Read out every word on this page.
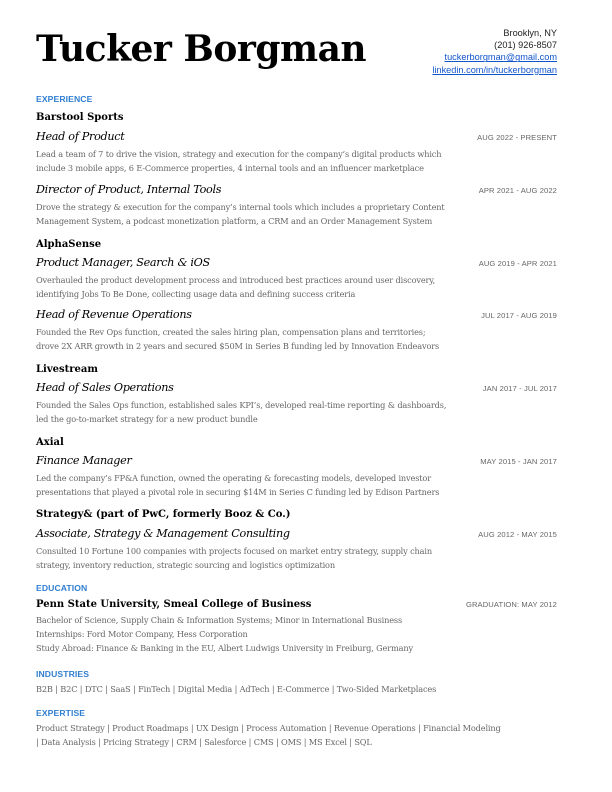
Tucker Borgman	Brooklyn, NY
(201) 926-8507
tuckerborgman@gmail.com
linkedin.com/in/tuckerborgman
EXPERIENCE
Barstool Sports
Head of Product	AUG 2022 - PRESENT
Lead a team of 7 to drive the vision, strategy and execution for the company’s digital products which
include 3 mobile apps, 6 E-Commerce properties, 4 internal tools and an influencer marketplace
Director of Product, Internal Tools	APR 2021 - AUG 2022
Drove the strategy & execution for the company’s internal tools which includes a proprietary Content
Management System, a podcast monetization platform, a CRM and an Order Management System
AlphaSense
Product Manager, Search & iOS	AUG 2019 - APR 2021
Overhauled the product development process and introduced best practices around user discovery,
identifying Jobs To Be Done, collecting usage data and defining success criteria
Head of Revenue Operations	JUL 2017 - AUG 2019
Founded the Rev Ops function, created the sales hiring plan, compensation plans and territories;
drove 2X ARR growth in 2 years and secured $50M in Series B funding led by Innovation Endeavors
Livestream
Head of Sales Operations	JAN 2017 - JUL 2017
Founded the Sales Ops function, established sales KPI’s, developed real-time reporting & dashboards,
led the go-to-market strategy for a new product bundle
Axial
Finance Manager	MAY 2015 - JAN 2017
Led the company’s FP&A function, owned the operating & forecasting models, developed investor
presentations that played a pivotal role in securing $14M in Series C funding led by Edison Partners
Strategy& (part of PwC, formerly Booz & Co.)
Associate, Strategy & Management Consulting	AUG 2012 - MAY 2015
Consulted 10 Fortune 100 companies with projects focused on market entry strategy, supply chain
strategy, inventory reduction, strategic sourcing and logistics optimization
EDUCATION
Penn State University, Smeal College of Business	GRADUATION: MAY 2012
Bachelor of Science, Supply Chain & Information Systems; Minor in International Business
Internships: Ford Motor Company, Hess Corporation
Study Abroad: Finance & Banking in the EU, Albert Ludwigs University in Freiburg, Germany
INDUSTRIES
B2B | B2C | DTC | SaaS | FinTech | Digital Media | AdTech | E-Commerce | Two-Sided Marketplaces
EXPERTISE
Product Strategy | Product Roadmaps | UX Design | Process Automation | Revenue Operations | Financial Modeling
| Data Analysis | Pricing Strategy | CRM | Salesforce | CMS | OMS | MS Excel | SQL
